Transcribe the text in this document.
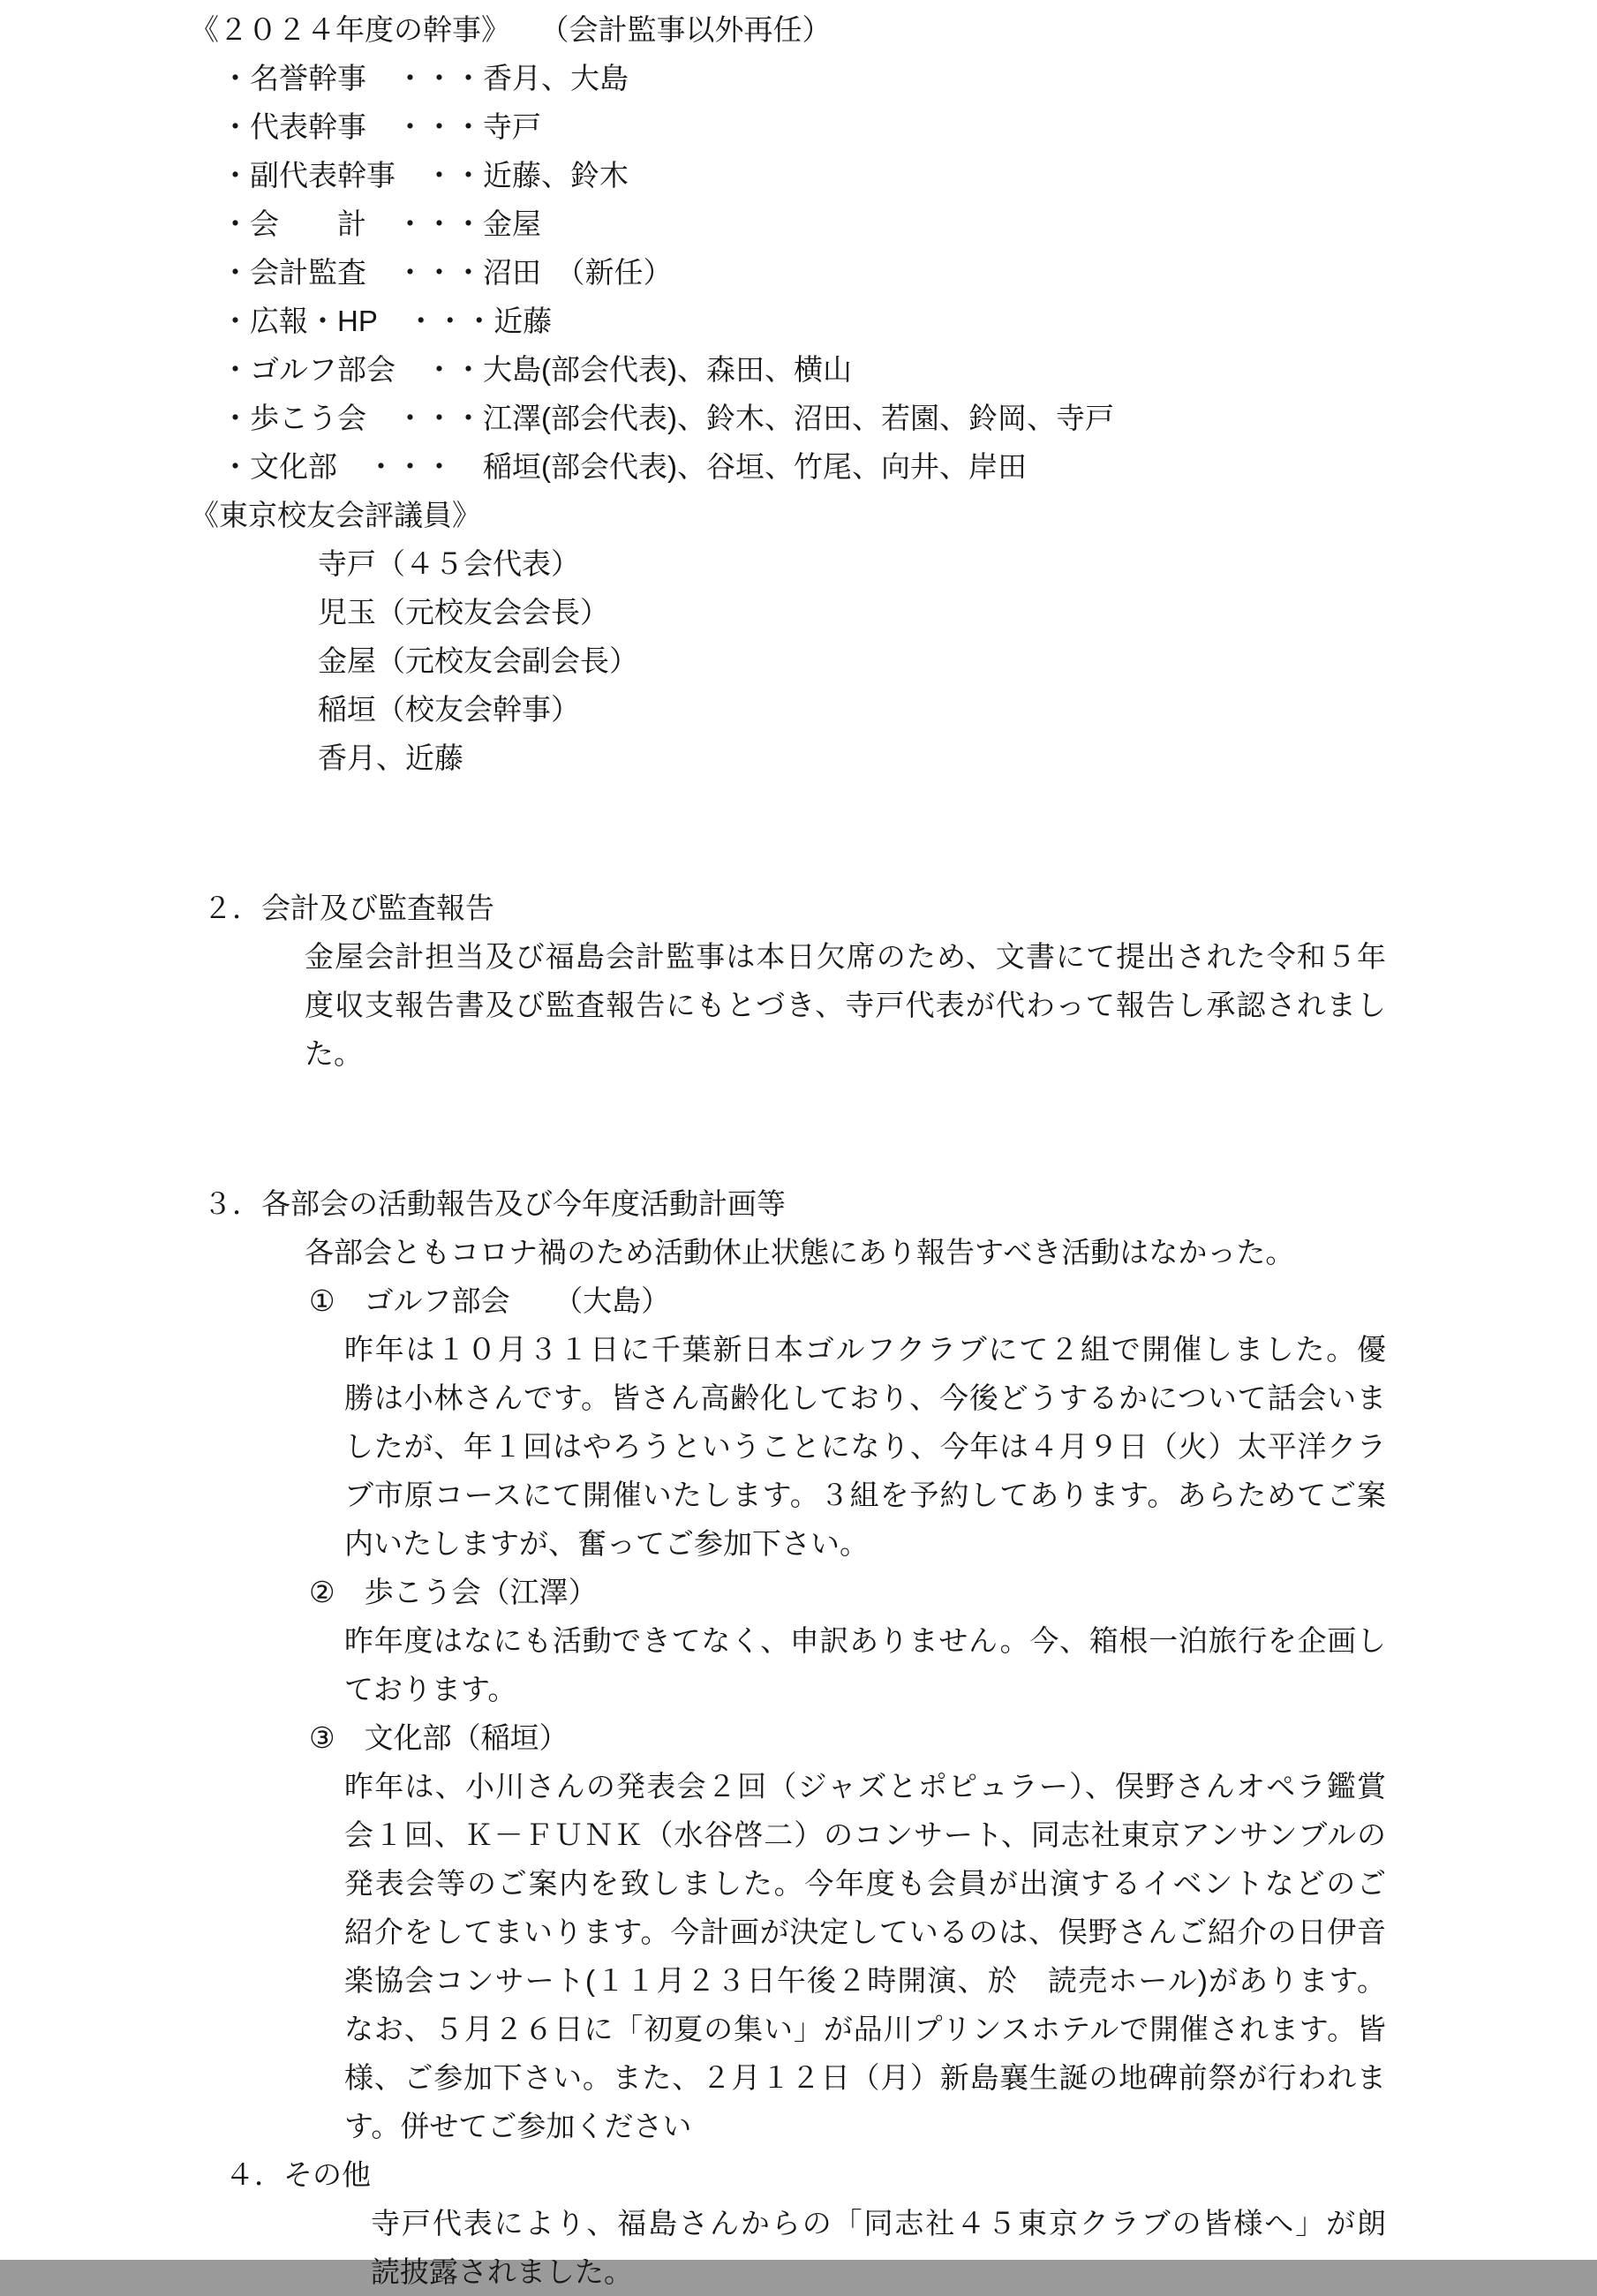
《２０２４年度の幹事》 （会計監事以外再任）
・名誉幹事　・・・香月、大島
・代表幹事　・・・寺戸
・副代表幹事　・・近藤、鈴木
・会　　計　・・・金屋
・会計監査　・・・沼田　（新任）
・広報・HP　・・・近藤
・ゴルフ部会　・・大島(部会代表)、森田、横山
・歩こう会　・・・江澤(部会代表)、鈴木、沼田、若園、鈴岡、寺戸
・文化部　・・・　稲垣(部会代表)、谷垣、竹尾、向井、岸田
《東京校友会評議員》
寺戸（４５会代表）
児玉（元校友会会長）
金屋（元校友会副会長）
稲垣（校友会幹事）
香月、近藤
２．会計及び監査報告
金屋会計担当及び福島会計監事は本日欠席のため、文書にて提出された令和５年
度収支報告書及び監査報告にもとづき、寺戸代表が代わって報告し承認されまし
た。
３．各部会の活動報告及び今年度活動計画等
各部会ともコロナ禍のため活動休止状態にあり報告すべき活動はなかった。
①　ゴルフ部会　　（大島）
昨年は１０月３１日に千葉新日本ゴルフクラブにて２組で開催しました。優
勝は小林さんです。皆さん高齢化しており、今後どうするかについて話会いま
したが、年１回はやろうということになり、今年は４月９日（火）太平洋クラ
ブ市原コースにて開催いたします。３組を予約してあります。あらためてご案
内いたしますが、奮ってご参加下さい。
②　歩こう会（江澤）
昨年度はなにも活動できてなく、申訳ありません。今、箱根一泊旅行を企画し
ております。
③　文化部（稲垣）
昨年は、小川さんの発表会２回（ジャズとポピュラー）、俣野さんオペラ鑑賞
会１回、Ｋ－ＦＵＮＫ（水谷啓二）のコンサート、同志社東京アンサンブルの
発表会等のご案内を致しました。今年度も会員が出演するイベントなどのご
紹介をしてまいります。今計画が決定しているのは、俣野さんご紹介の日伊音
楽協会コンサート(１１月２３日午後２時開演、於　読売ホール)があります。
なお、５月２６日に「初夏の集い」が品川プリンスホテルで開催されます。皆
様、ご参加下さい。また、２月１２日（月）新島襄生誕の地碑前祭が行われま
す。併せてご参加ください
４．その他
寺戸代表により、福島さんからの「同志社４５東京クラブの皆様へ」が朗
読披露されました。
